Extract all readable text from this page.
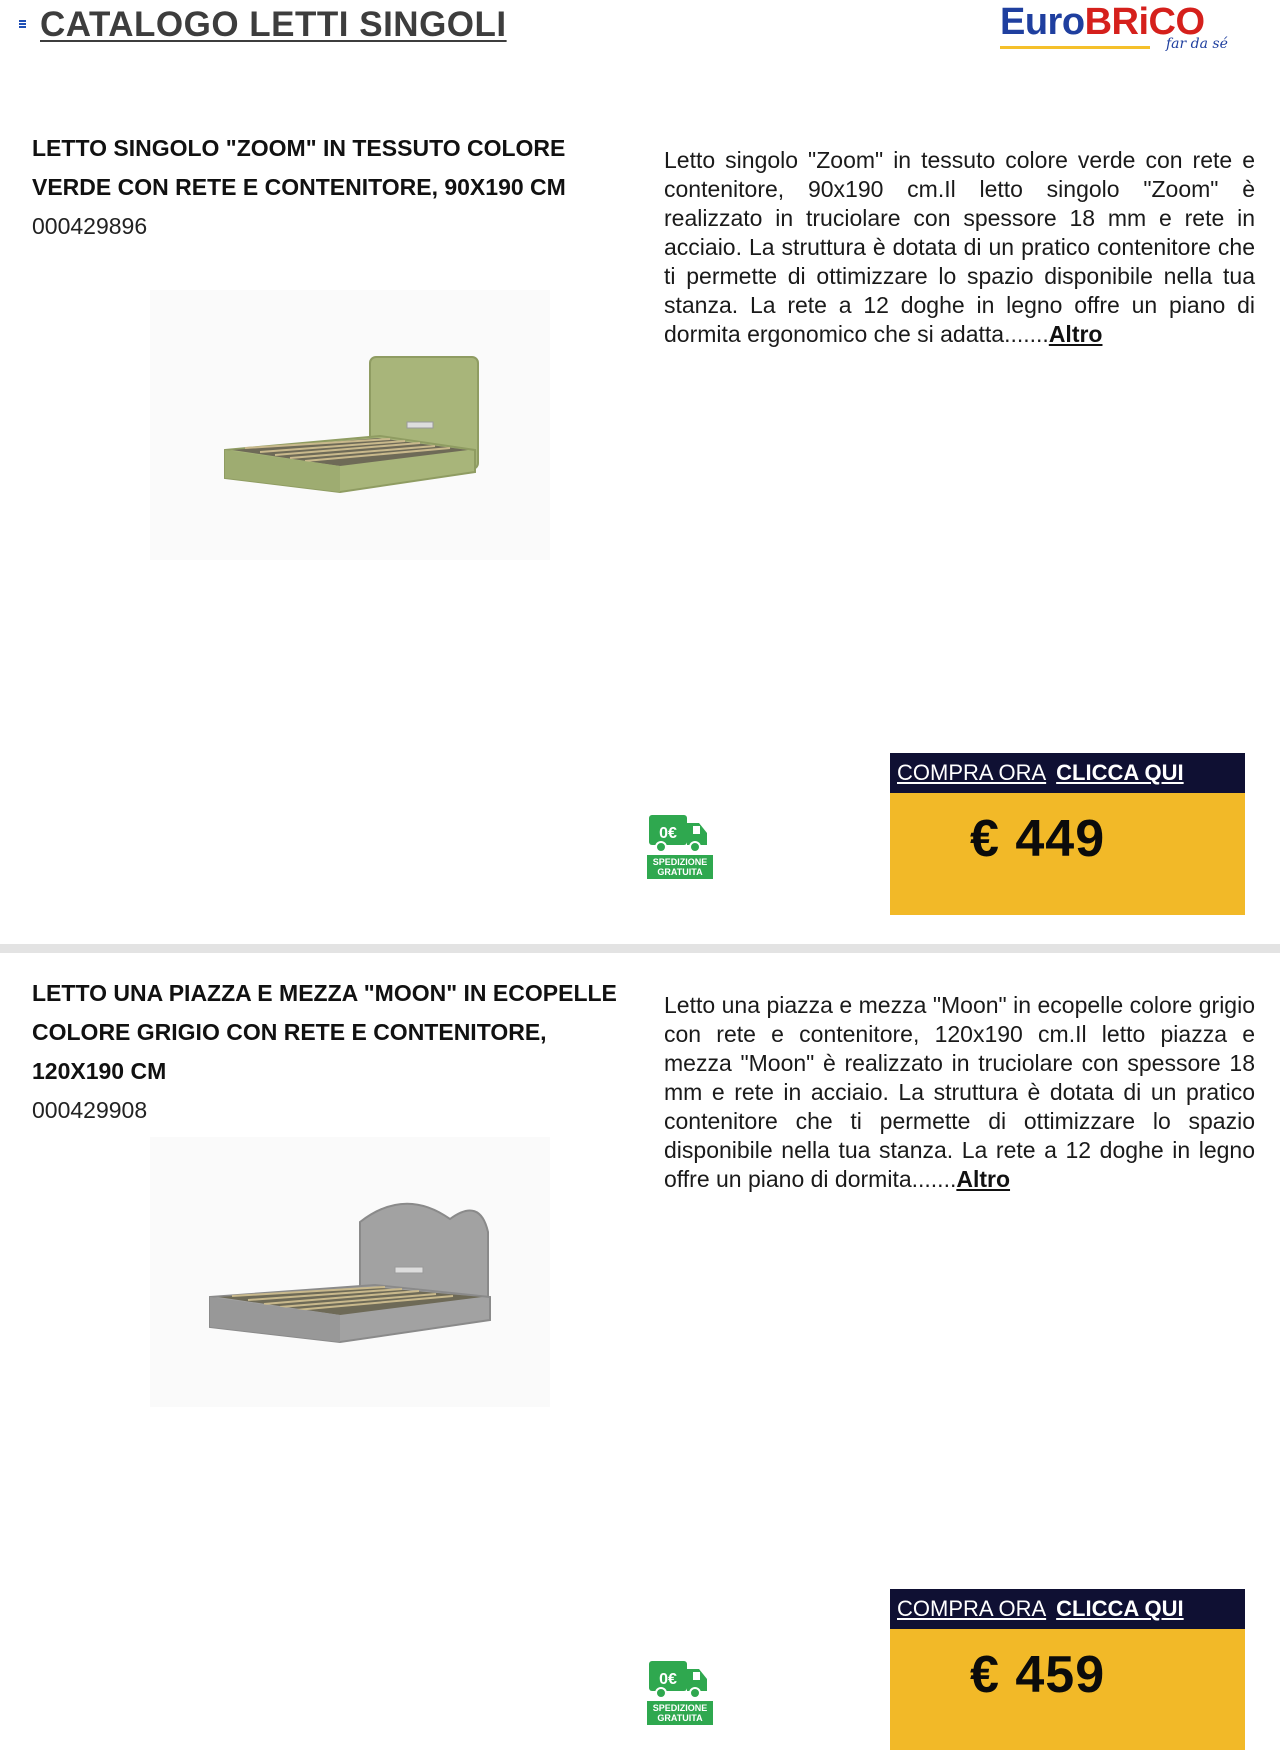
CATALOGO LETTI SINGOLI	EuroBRiCO
far da sé
LETTO SINGOLO "ZOOM" IN TESSUTO COLORE
VERDE CON RETE E CONTENITORE, 90X190 CM
000429896

Letto singolo "Zoom" in tessuto colore verde con rete e contenitore, 90x190 cm.Il letto singolo "Zoom" è realizzato in truciolare con spessore 18 mm e rete in acciaio. La struttura è dotata di un pratico contenitore che ti permette di ottimizzare lo spazio disponibile nella tua stanza. La rete a 12 doghe in legno offre un piano di dormita ergonomico che si adatta.......Altro

0€
SPEDIZIONE
GRATUITA
COMPRA ORA CLICCA QUI
€ 449
LETTO UNA PIAZZA E MEZZA "MOON" IN ECOPELLE
COLORE GRIGIO CON RETE E CONTENITORE,
120X190 CM
000429908

Letto una piazza e mezza "Moon" in ecopelle colore grigio con rete e contenitore, 120x190 cm.Il letto piazza e mezza "Moon" è realizzato in truciolare con spessore 18 mm e rete in acciaio. La struttura è dotata di un pratico contenitore che ti permette di ottimizzare lo spazio disponibile nella tua stanza. La rete a 12 doghe in legno offre un piano di dormita.......Altro

0€
SPEDIZIONE
GRATUITA
COMPRA ORA CLICCA QUI
€ 459
